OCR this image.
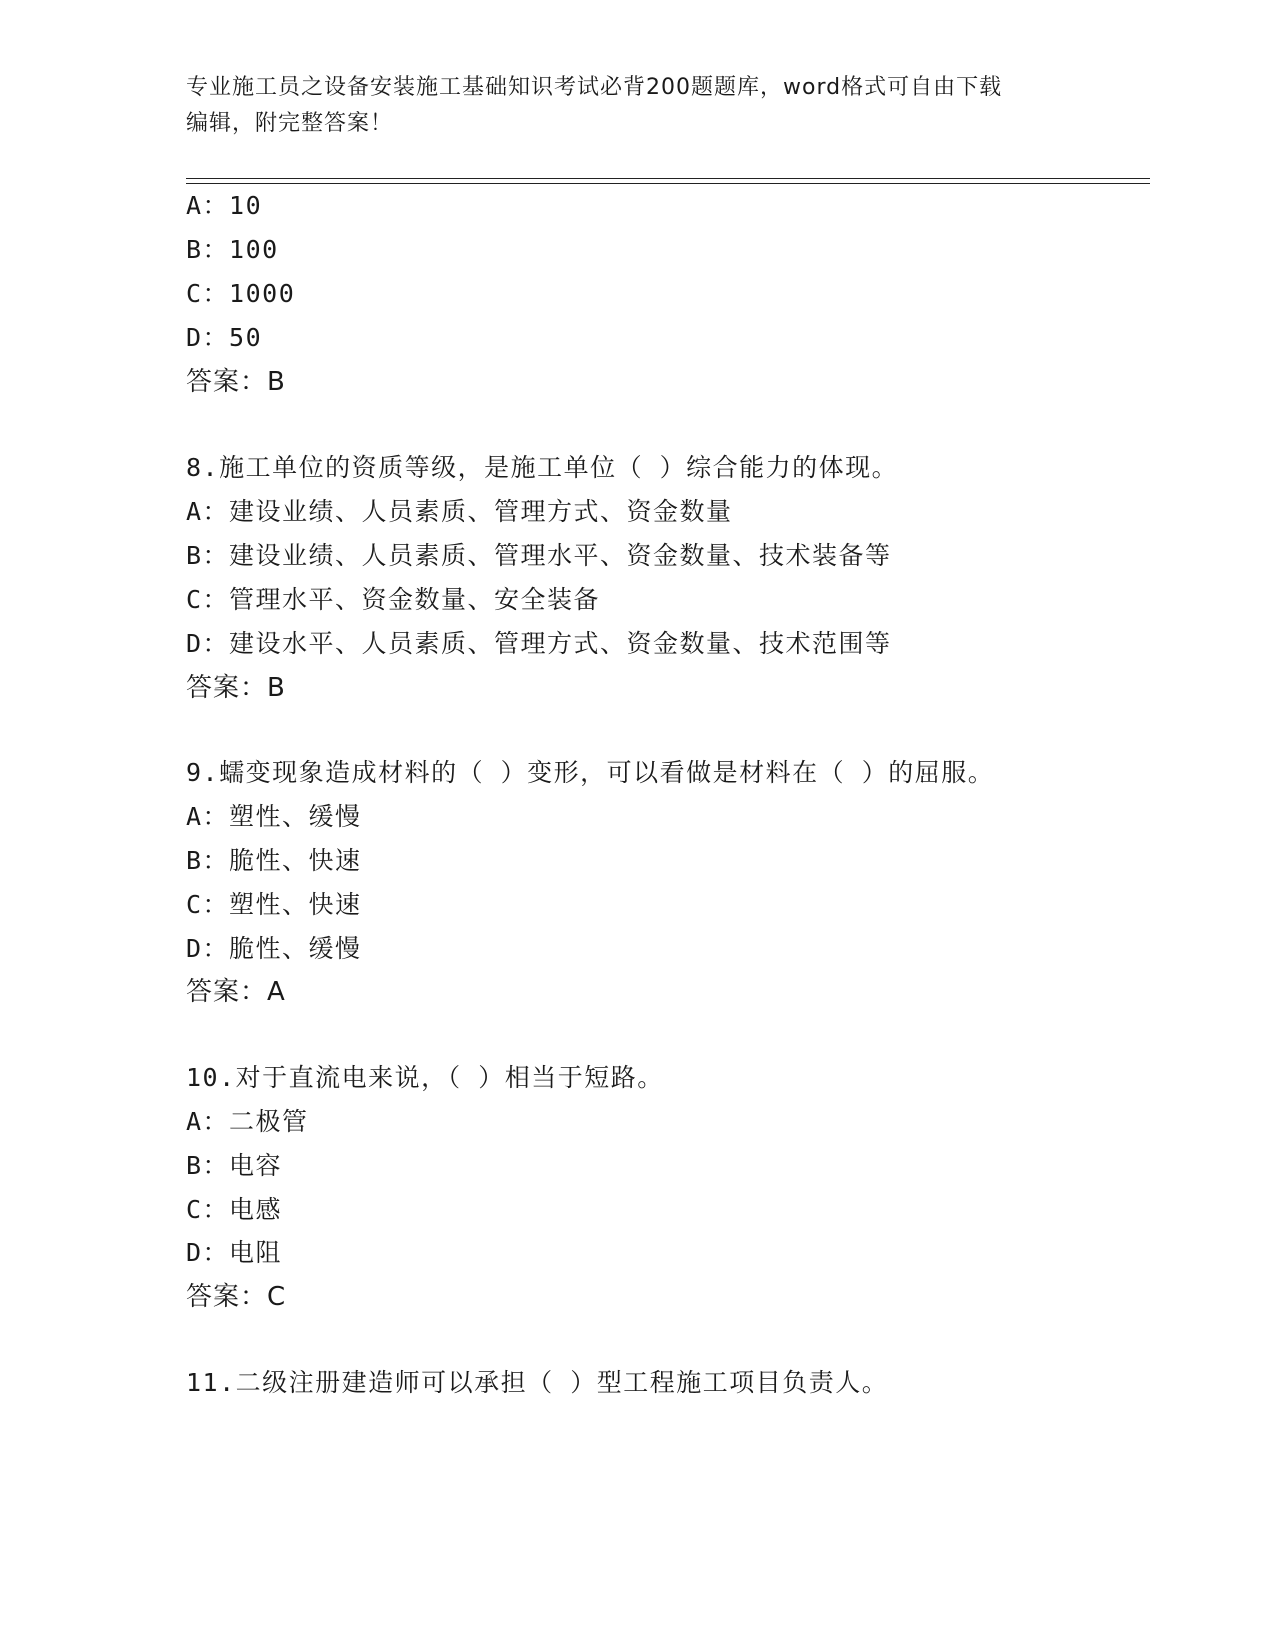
专业施工员之设备安装施工基础知识考试必背200题题库，word格式可自由下载
编辑，附完整答案！
A：10
B：100
C：1000
D：50
答案：B
8.施工单位的资质等级，是施工单位（ ）综合能力的体现。
A：建设业绩、人员素质、管理方式、资金数量
B：建设业绩、人员素质、管理水平、资金数量、技术装备等
C：管理水平、资金数量、安全装备
D：建设水平、人员素质、管理方式、资金数量、技术范围等
答案：B
9.蠕变现象造成材料的（ ）变形，可以看做是材料在（ ）的屈服。
A：塑性、缓慢
B：脆性、快速
C：塑性、快速
D：脆性、缓慢
答案：A
10.对于直流电来说，（ ）相当于短路。
A：二极管
B：电容
C：电感
D：电阻
答案：C
11.二级注册建造师可以承担（ ）型工程施工项目负责人。
